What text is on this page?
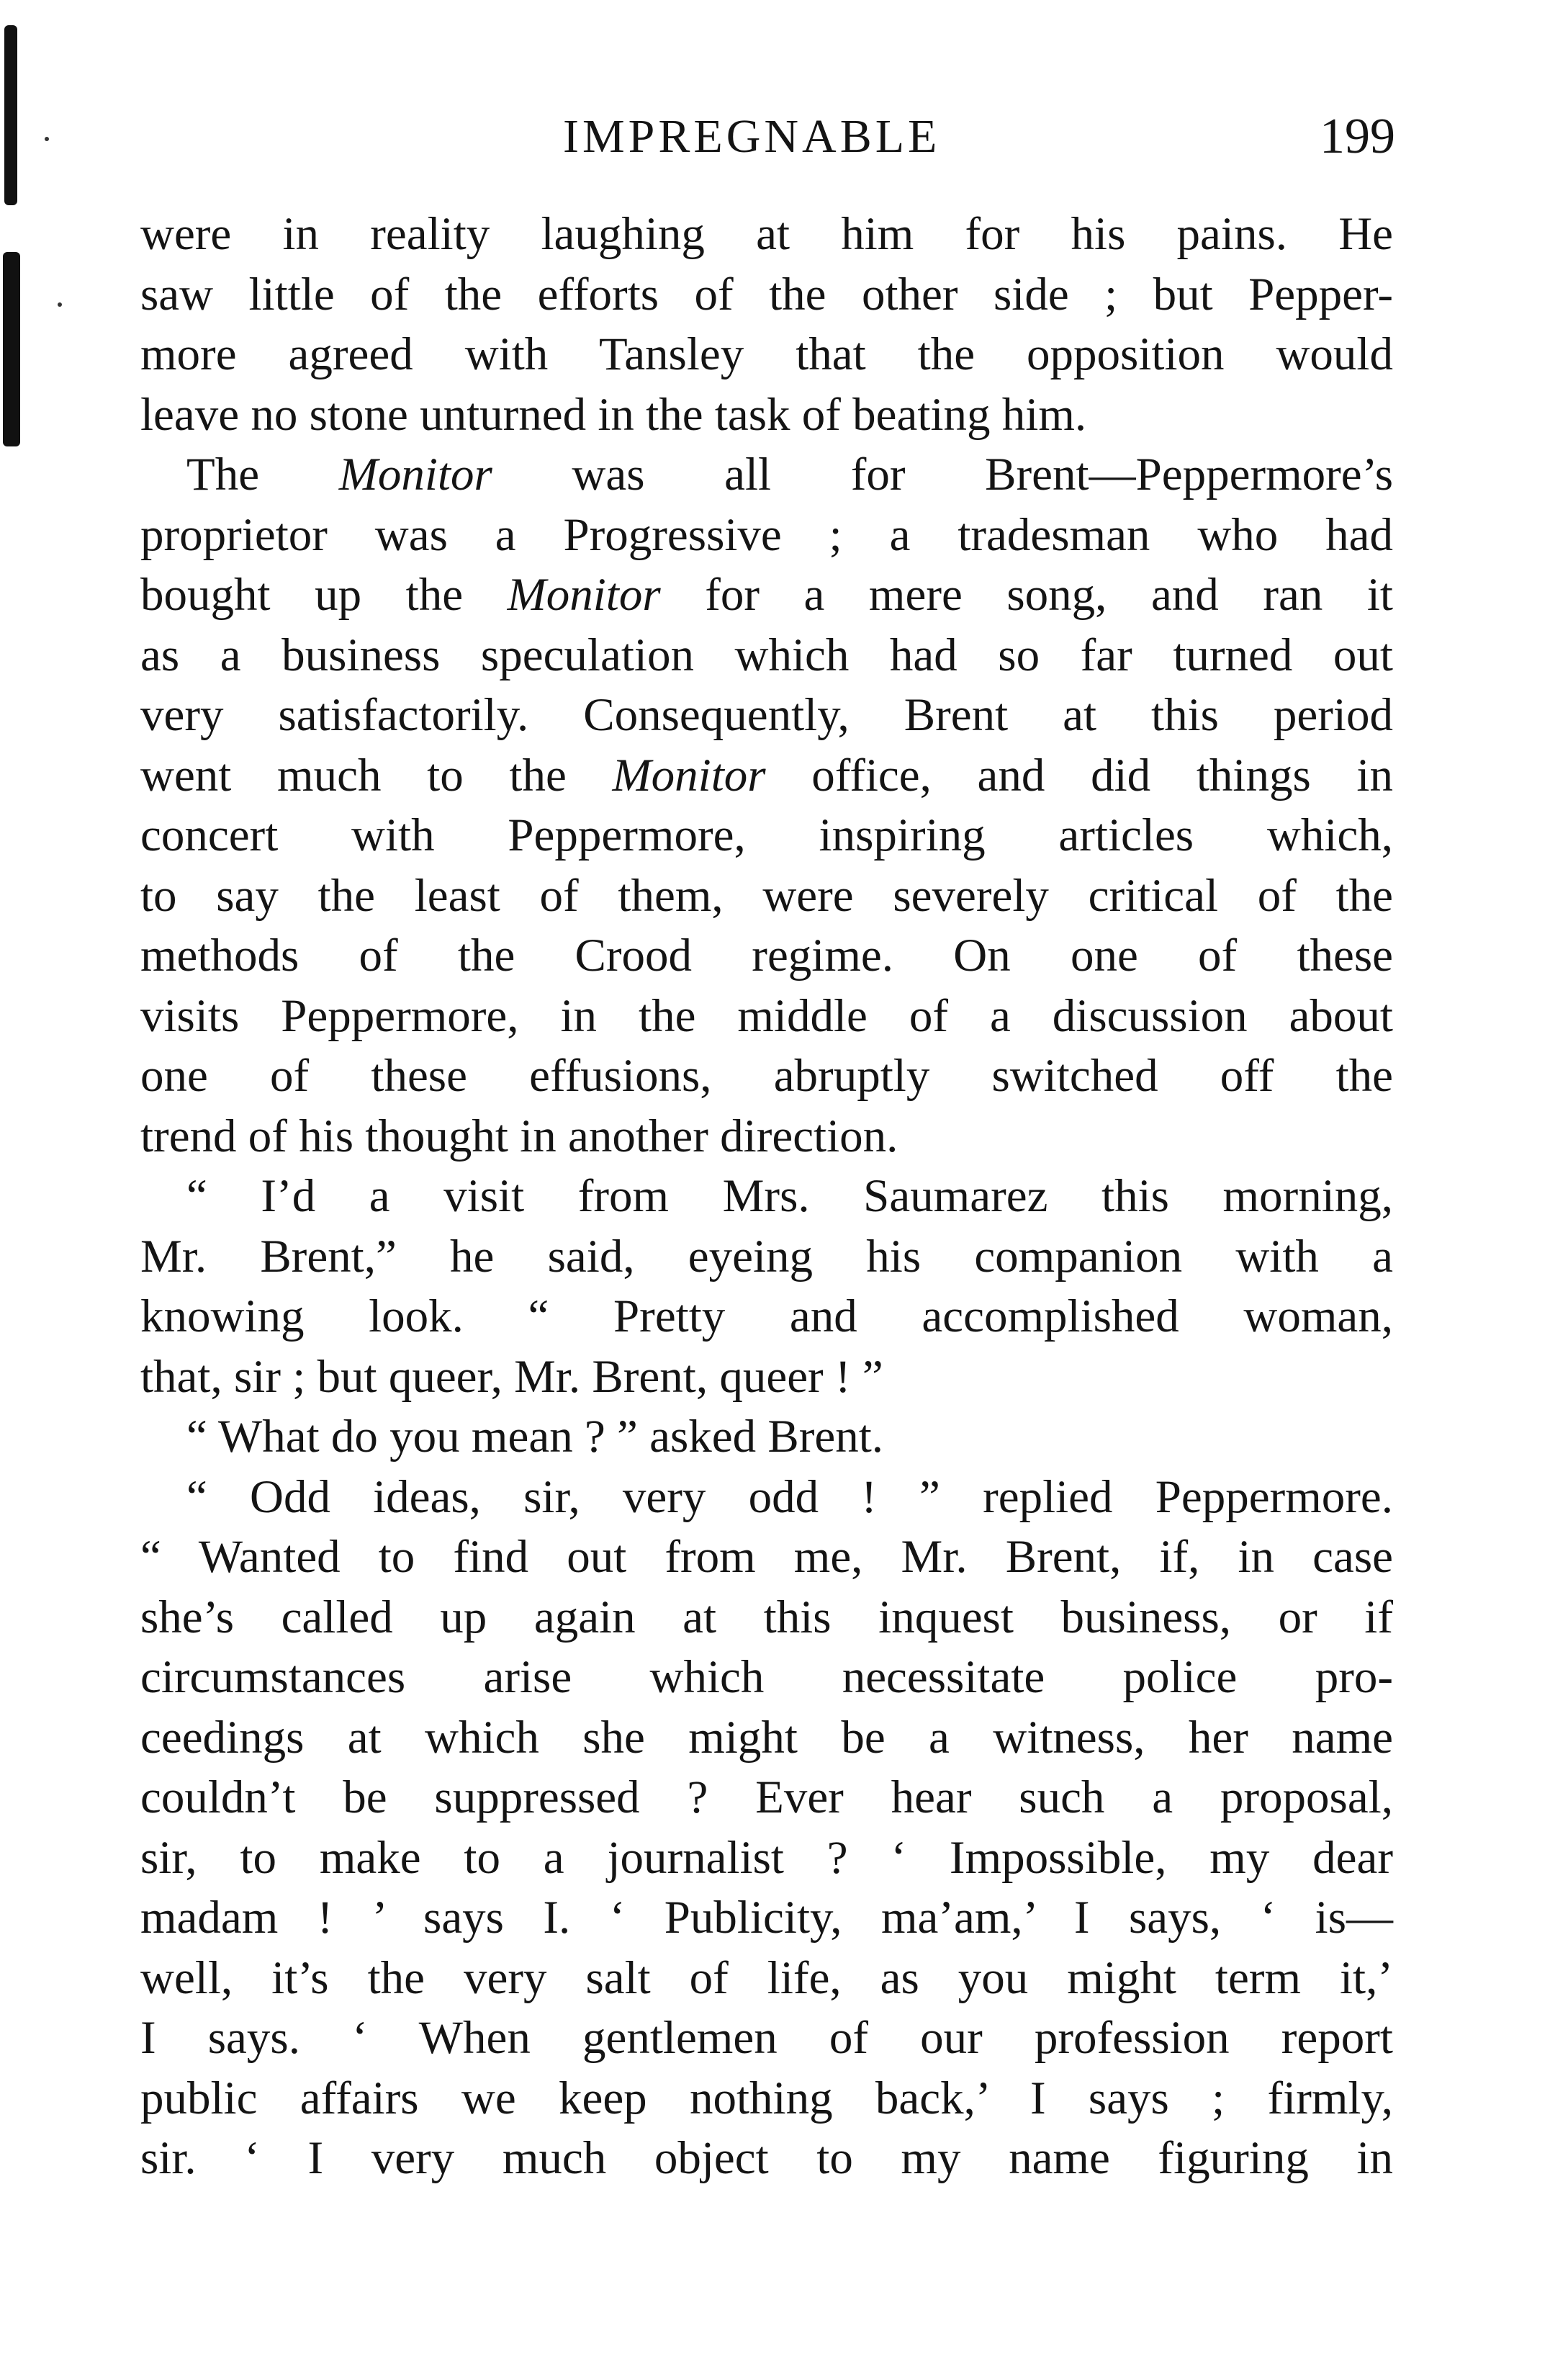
IMPREGNABLE	199
were in reality laughing at him for his pains. He
saw little of the efforts of the other side ; but Pepper-
more agreed with Tansley that the opposition would
leave no stone unturned in the task of beating him.
The Monitor was all for Brent—Peppermore’s
proprietor was a Progressive ; a tradesman who had
bought up the Monitor for a mere song, and ran it
as a business speculation which had so far turned out
very satisfactorily. Consequently, Brent at this period
went much to the Monitor office, and did things in
concert with Peppermore, inspiring articles which,
to say the least of them, were severely critical of the
methods of the Crood regime. On one of these
visits Peppermore, in the middle of a discussion about
one of these effusions, abruptly switched off the
trend of his thought in another direction.
“ I’d a visit from Mrs. Saumarez this morning,
Mr. Brent,” he said, eyeing his companion with a
knowing look. “ Pretty and accomplished woman,
that, sir ; but queer, Mr. Brent, queer ! ”
“ What do you mean ? ” asked Brent.
“ Odd ideas, sir, very odd ! ” replied Peppermore.
“ Wanted to find out from me, Mr. Brent, if, in case
she’s called up again at this inquest business, or if
circumstances arise which necessitate police pro-
ceedings at which she might be a witness, her name
couldn’t be suppressed ? Ever hear such a proposal,
sir, to make to a journalist ? ‘ Impossible, my dear
madam ! ’ says I. ‘ Publicity, ma’am,’ I says, ‘ is—
well, it’s the very salt of life, as you might term it,’
I says. ‘ When gentlemen of our profession report
public affairs we keep nothing back,’ I says ; firmly,
sir. ‘ I very much object to my name figuring in
